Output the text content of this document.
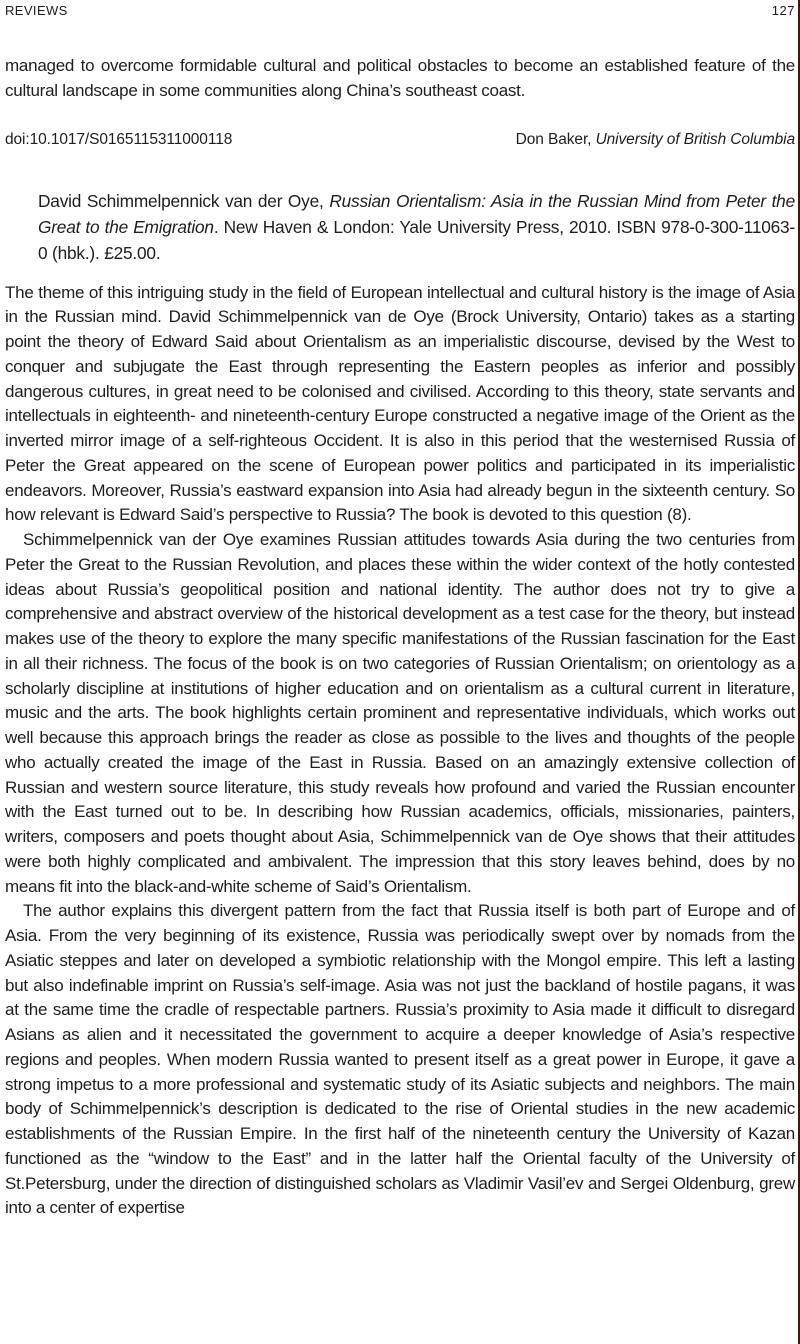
REVIEWS	127

managed to overcome formidable cultural and political obstacles to become an established feature of the cultural landscape in some communities along China’s southeast coast.

doi:10.1017/S0165115311000118	Don Baker, University of British Columbia

David Schimmelpennick van der Oye, Russian Orientalism: Asia in the Russian Mind from Peter the Great to the Emigration. New Haven & London: Yale University Press, 2010. ISBN 978-0-300-11063-0 (hbk.). £25.00.

The theme of this intriguing study in the field of European intellectual and cultural history is the image of Asia in the Russian mind. David Schimmelpennick van de Oye (Brock University, Ontario) takes as a starting point the theory of Edward Said about Orientalism as an imperialistic discourse, devised by the West to conquer and subjugate the East through representing the Eastern peoples as inferior and possibly dangerous cultures, in great need to be colonised and civilised. According to this theory, state servants and intellectuals in eighteenth- and nineteenth-century Europe constructed a negative image of the Orient as the inverted mirror image of a self-righteous Occident. It is also in this period that the westernised Russia of Peter the Great appeared on the scene of European power politics and participated in its imperialistic endeavors. Moreover, Russia’s eastward expansion into Asia had already begun in the sixteenth century. So how relevant is Edward Said’s perspective to Russia? The book is devoted to this question (8).

Schimmelpennick van der Oye examines Russian attitudes towards Asia during the two centuries from Peter the Great to the Russian Revolution, and places these within the wider context of the hotly contested ideas about Russia’s geopolitical position and national identity. The author does not try to give a comprehensive and abstract overview of the historical development as a test case for the theory, but instead makes use of the theory to explore the many specific manifestations of the Russian fascination for the East in all their richness. The focus of the book is on two categories of Russian Orientalism; on orientology as a scholarly discipline at institutions of higher education and on orientalism as a cultural current in literature, music and the arts. The book highlights certain prominent and representative individuals, which works out well because this approach brings the reader as close as possible to the lives and thoughts of the people who actually created the image of the East in Russia. Based on an amazingly extensive collection of Russian and western source literature, this study reveals how profound and varied the Russian encounter with the East turned out to be. In describing how Russian academics, officials, missionaries, painters, writers, composers and poets thought about Asia, Schimmelpennick van de Oye shows that their attitudes were both highly complicated and ambivalent. The impression that this story leaves behind, does by no means fit into the black-and-white scheme of Said’s Orientalism.

The author explains this divergent pattern from the fact that Russia itself is both part of Europe and of Asia. From the very beginning of its existence, Russia was periodically swept over by nomads from the Asiatic steppes and later on developed a symbiotic relationship with the Mongol empire. This left a lasting but also indefinable imprint on Russia’s self-image. Asia was not just the backland of hostile pagans, it was at the same time the cradle of respectable partners. Russia’s proximity to Asia made it difficult to disregard Asians as alien and it necessitated the government to acquire a deeper knowledge of Asia’s respective regions and peoples. When modern Russia wanted to present itself as a great power in Europe, it gave a strong impetus to a more professional and systematic study of its Asiatic subjects and neighbors. The main body of Schimmelpennick’s description is dedicated to the rise of Oriental studies in the new academic establishments of the Russian Empire. In the first half of the nineteenth century the University of Kazan functioned as the “window to the East” and in the latter half the Oriental faculty of the University of St.Petersburg, under the direction of distinguished scholars as Vladimir Vasil’ev and Sergei Oldenburg, grew into a center of expertise
